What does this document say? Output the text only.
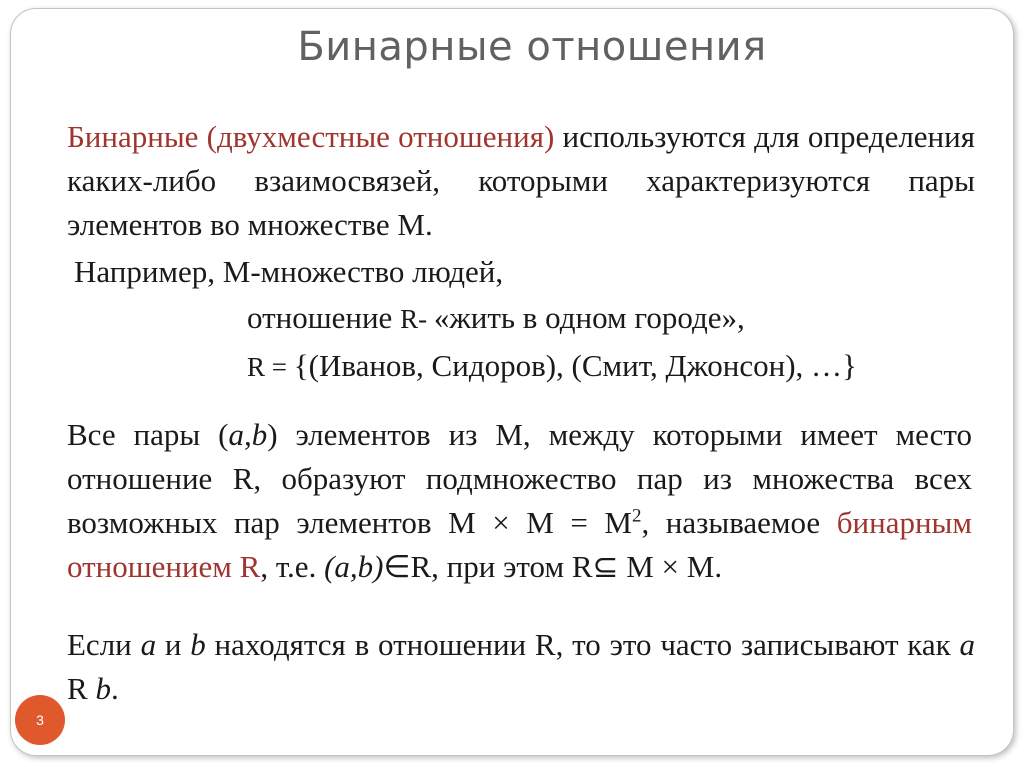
Бинарные отношения
Бинарные (двухместные отношения) используются для определения каких-либо взаимосвязей, которыми характеризуются пары элементов во множестве М.
Например, М-множество людей,
отношение R- «жить в одном городе»,
R = {(Иванов, Сидоров), (Смит, Джонсон), …}
Все пары (a,b) элементов из М, между которыми имеет место отношение R, образуют подмножество пар из множества всех возможных пар элементов $M \times M = M^2$, называемое бинарным отношением R, т.е. (a,b)∈R, при этом R⊆ M × M.
Если a и b находятся в отношении R, то это часто записывают как a R b.
3
